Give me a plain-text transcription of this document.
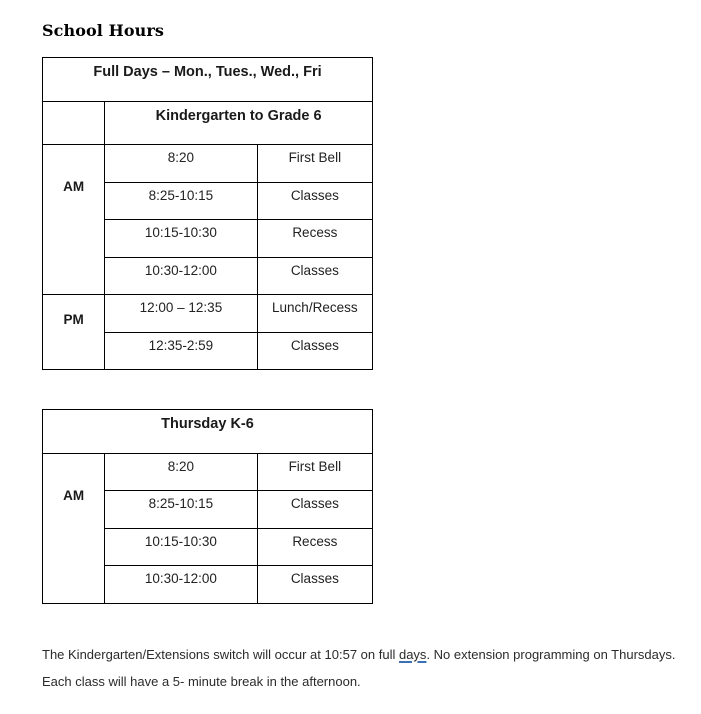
School Hours
Full Days – Mon., Tues., Wed., Fri		
	Kindergarten to Grade 6	

AM	8:20	First Bell
	8:25-10:15	Classes
	10:15-10:30	Recess
	10:30-12:00	Classes

PM	12:00 – 12:35	Lunch/Recess
	12:35-2:59	Classes
Thursday K-6		

AM	8:20	First Bell
	8:25-10:15	Classes
	10:15-10:30	Recess
	10:30-12:00	Classes
The Kindergarten/Extensions switch will occur at 10:57 on full days. No extension programming on Thursdays.
Each class will have a 5- minute break in the afternoon.
